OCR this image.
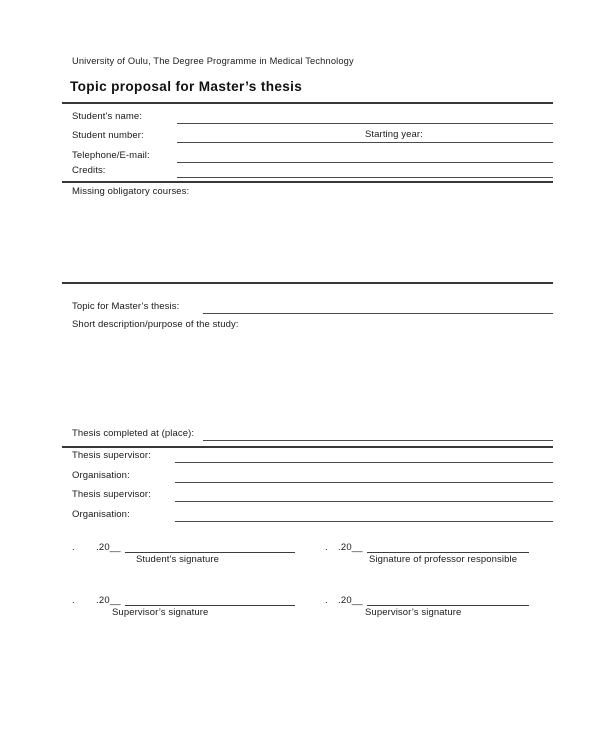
University of Oulu, The Degree Programme in Medical Technology
Topic proposal for Master’s thesis
Student’s name:
Student number:	Starting year:
Telephone/E-mail:
Credits:
Missing obligatory courses:
Topic for Master’s thesis:
Short description/purpose of the study:
Thesis completed at (place):
Thesis supervisor:
Organisation:
Thesis supervisor:
Organisation:
.	.20__
Student’s signature
.	.20__
Signature of professor responsible
.	.20__
Supervisor’s signature
.	.20__
Supervisor’s signature
